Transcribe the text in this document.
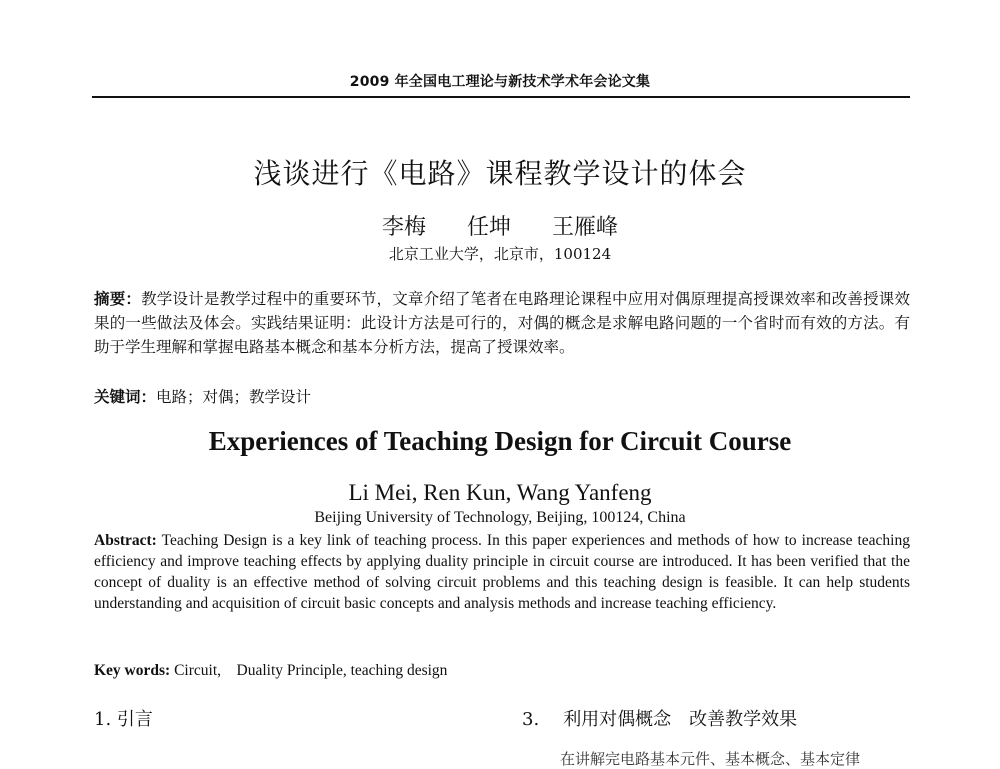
2009 年全国电工理论与新技术学术年会论文集
浅谈进行《电路》课程教学设计的体会
李梅 任坤 王雁峰
北京工业大学，北京市，100124
摘要：教学设计是教学过程中的重要环节，文章介绍了笔者在电路理论课程中应用对偶原理提高授课效率和改善授课效果的一些做法及体会。实践结果证明：此设计方法是可行的，对偶的概念是求解电路问题的一个省时而有效的方法。有助于学生理解和掌握电路基本概念和基本分析方法，提高了授课效率。
关键词：电路；对偶；教学设计
Experiences of Teaching Design for Circuit Course
Li Mei, Ren Kun, Wang Yanfeng
Beijing University of Technology, Beijing, 100124, China
Abstract: Teaching Design is a key link of teaching process. In this paper experiences and methods of how to increase teaching efficiency and improve teaching effects by applying duality principle in circuit course are introduced. It has been verified that the concept of duality is an effective method of solving circuit problems and this teaching design is feasible. It can help students understanding and acquisition of circuit basic concepts and analysis methods and increase teaching efficiency.
Key words: Circuit,    Duality Principle, teaching design
1. 引言	3. 利用对偶概念　改善教学效果
在讲解完电路基本元件、基本概念、基本定律
